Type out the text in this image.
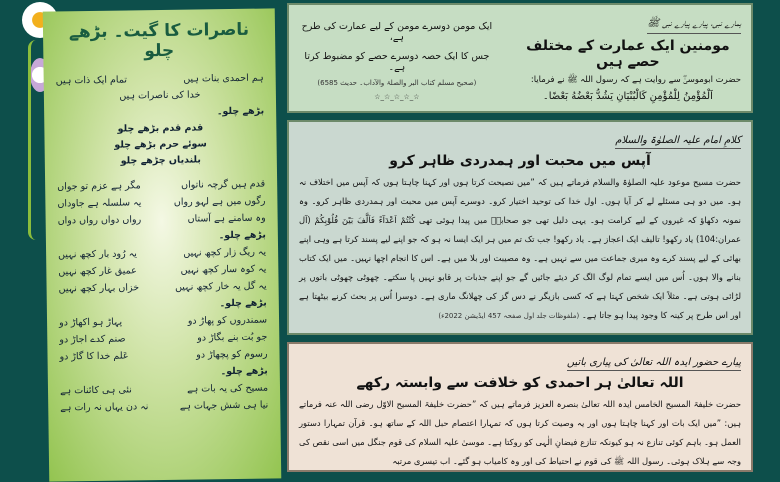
ناصرات کا گیت۔ بڑھے چلو
ہم احمدی بنات ہیں
تمام ایک ذات ہیں
خدا کی ناصرات ہیں
بڑھے چلو۔
قدم قدم بڑھے چلو
سوئے حرم بڑھے چلو
بلندیاں چڑھے چلو
قدم ہیں گرچہ ناتواں
مگر ہے عزم تو جواں
رگوں میں ہے لہو رواں
یہ سلسلہ ہے جاوداں
وہ سامنے ہے آستاں
رواں دواں رواں دواں
بڑھے چلو۔
یہ ریگ زار کچھ نہیں
یہ رُود بار کچھ نہیں
یہ کوہ سار کچھ نہیں
عمیق غار کچھ نہیں
یہ گل یہ خار کچھ نہیں
خزاں بہار کچھ نہیں
بڑھے چلو۔
سمندروں کو پھاڑ دو
پہاڑ ہو اکھاڑ دو
جو بُت بنے بگاڑ دو
صنم کدے اجاڑ دو
رسوم کو پچھاڑ دو
عَلم خدا کا گاڑ دو
بڑھے چلو۔
مسیح کی یہ بات ہے
نئی ہی کائنات ہے
نیا ہی شش جہات ہے
نہ دن یہاں نہ رات ہے
ہمارے نبی، پیارے پیارے نبی ﷺ
مومنین ایک عمارت کے مختلف حصے ہیں
حضرت ابوموسیٰؓ سے روایت ہے کہ رسول اللہ ﷺ نے فرمایا:
اَلْمُؤْمِنُ لِلْمُؤْمِنِ كَالْبُنْيَانِ يَشُدُّ بَعْضُهُ بَعْضًا۔
ایک مومن دوسرے مومن کے لیے عمارت کی طرح ہے،
جس کا ایک حصہ دوسرے حصے کو مضبوط کرتا ہے۔
(صحیح مسلم کتاب البر والصلۃ والآداب۔ حدیث 6585)
☆_☆_☆_☆_☆
کلامِ امام علیہ الصلوٰۃ والسلام
آپس میں محبت اور ہمدردی ظاہر کرو
حضرت مسیح موعود علیہ الصلوٰۃ والسلام فرماتے ہیں کہ ”میں نصیحت کرتا ہوں اور کہنا چاہتا ہوں کہ آپس میں اختلاف نہ ہو۔ میں دو ہی مسئلے لے کر آیا ہوں۔ اول خدا کی توحید اختیار کرو۔ دوسرے آپس میں محبت اور ہمدردی ظاہر کرو۔ وہ نمونہ دکھاؤ کہ غیروں کے لیے کرامت ہو۔ یہی دلیل تھی جو صحابہؓ میں پیدا ہوئی تھی كُنْتُمْ اَعْدَآءً فَاَلَّفَ بَيْنَ قُلُوْبِكُمْ (آل عمران:104) یاد رکھو! تالیف ایک اعجاز ہے۔ یاد رکھو! جب تک تم میں ہر ایک ایسا نہ ہو کہ جو اپنے لیے پسند کرتا ہے وہی اپنے بھائی کے لیے پسند کرے وہ میری جماعت میں سے نہیں ہے۔ وہ مصیبت اور بلا میں ہے۔ اس کا انجام اچھا نہیں۔ میں ایک کتاب بنانے والا ہوں۔ اُس میں ایسے تمام لوگ الگ کر دیئے جائیں گے جو اپنے جذبات پر قابو نہیں پا سکتے۔ چھوٹی چھوٹی باتوں پر لڑائی ہوتی ہے۔ مثلاً ایک شخص کہتا ہے کہ کسی بازیگر نے دس گز کی چھلانگ ماری ہے۔ دوسرا اُس پر بحث کرنے بیٹھتا ہے اور اس طرح پر کینہ کا وجود پیدا ہو جاتا ہے۔ (ملفوظات جلد اول صفحہ 457 ایڈیشن 2022ء)
پیارے حضور ایدہ اللہ تعالیٰ کی پیاری باتیں
اللہ تعالیٰ ہر احمدی کو خلافت سے وابستہ رکھے
حضرت خلیفۃ المسیح الخامس ایدہ اللہ تعالیٰ بنصرہ العزیز فرماتے ہیں کہ ”حضرت خلیفۃ المسیح الاوّل رضی اللہ عنہ فرماتے ہیں: ”میں ایک بات اور کہنا چاہتا ہوں اور یہ وصیت کرتا ہوں کہ تمہارا اعتصام حبل اللہ کے ساتھ ہو۔ قرآن تمہارا دستور العمل ہو۔ باہم کوئی تنازع نہ ہو کیونکہ تنازع فیضانِ الٰہی کو روکتا ہے۔ موسیٰ علیہ السلام کی قوم جنگل میں اسی نقص کی وجہ سے ہلاک ہوئی۔ رسول اللہ ﷺ کی قوم نے احتیاط کی اور وہ کامیاب ہو گئے۔ اب تیسری مرتبہ
